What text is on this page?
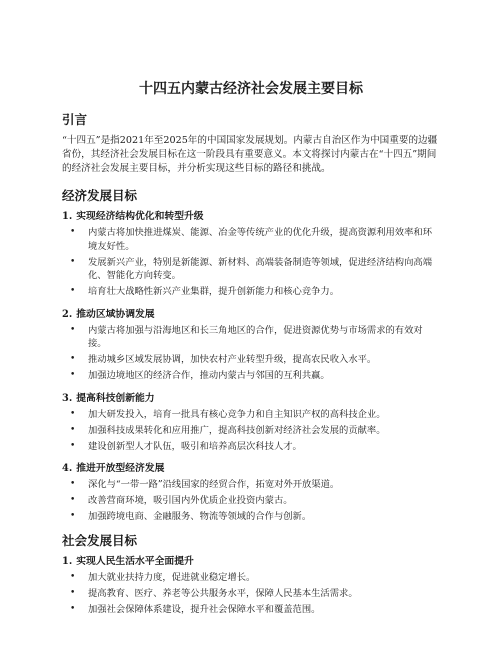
十四五内蒙古经济社会发展主要目标
引言
“十四五”是指2021年至2025年的中国国家发展规划。内蒙古自治区作为中国重要的边疆省份，其经济社会发展目标在这一阶段具有重要意义。本文将探讨内蒙古在“十四五”期间的经济社会发展主要目标，并分析实现这些目标的路径和挑战。
经济发展目标
1. 实现经济结构优化和转型升级
• 内蒙古将加快推进煤炭、能源、冶金等传统产业的优化升级，提高资源利用效率和环境友好性。
• 发展新兴产业，特别是新能源、新材料、高端装备制造等领域，促进经济结构向高端化、智能化方向转变。
• 培育壮大战略性新兴产业集群，提升创新能力和核心竞争力。
2. 推动区域协调发展
• 内蒙古将加强与沿海地区和长三角地区的合作，促进资源优势与市场需求的有效对接。
• 推动城乡区域发展协调，加快农村产业转型升级，提高农民收入水平。
• 加强边境地区的经济合作，推动内蒙古与邻国的互利共赢。
3. 提高科技创新能力
• 加大研发投入，培育一批具有核心竞争力和自主知识产权的高科技企业。
• 加强科技成果转化和应用推广，提高科技创新对经济社会发展的贡献率。
• 建设创新型人才队伍，吸引和培养高层次科技人才。
4. 推进开放型经济发展
• 深化与“一带一路”沿线国家的经贸合作，拓宽对外开放渠道。
• 改善营商环境，吸引国内外优质企业投资内蒙古。
• 加强跨境电商、金融服务、物流等领域的合作与创新。
社会发展目标
1. 实现人民生活水平全面提升
• 加大就业扶持力度，促进就业稳定增长。
• 提高教育、医疗、养老等公共服务水平，保障人民基本生活需求。
• 加强社会保障体系建设，提升社会保障水平和覆盖范围。
